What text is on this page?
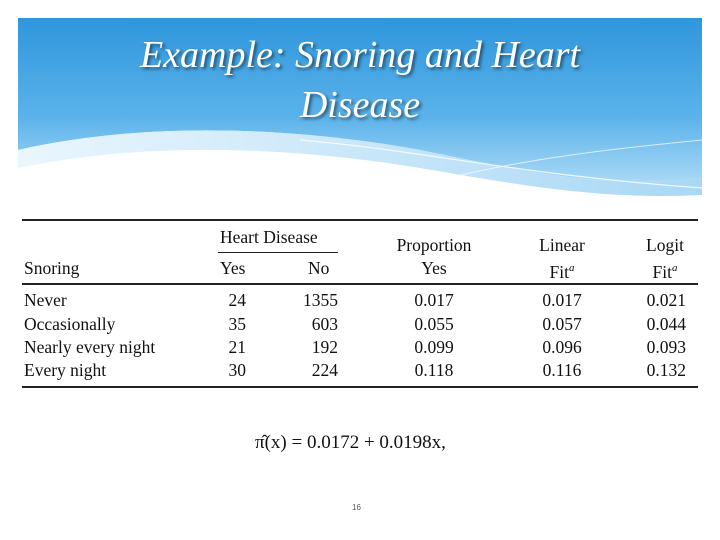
Example: Snoring and Heart
Disease
Heart Disease	Proportion	Linear	Logit
Snoring	Yes	No	Yes	Fit$^a$	Fit$^a$
Never	24	1355	0.017	0.017	0.021
Occasionally	35	603	0.055	0.057	0.044
Nearly every night	21	192	0.099	0.096	0.093
Every night	30	224	0.118	0.116	0.132
π̂(x) = 0.0172 + 0.0198x,
16
